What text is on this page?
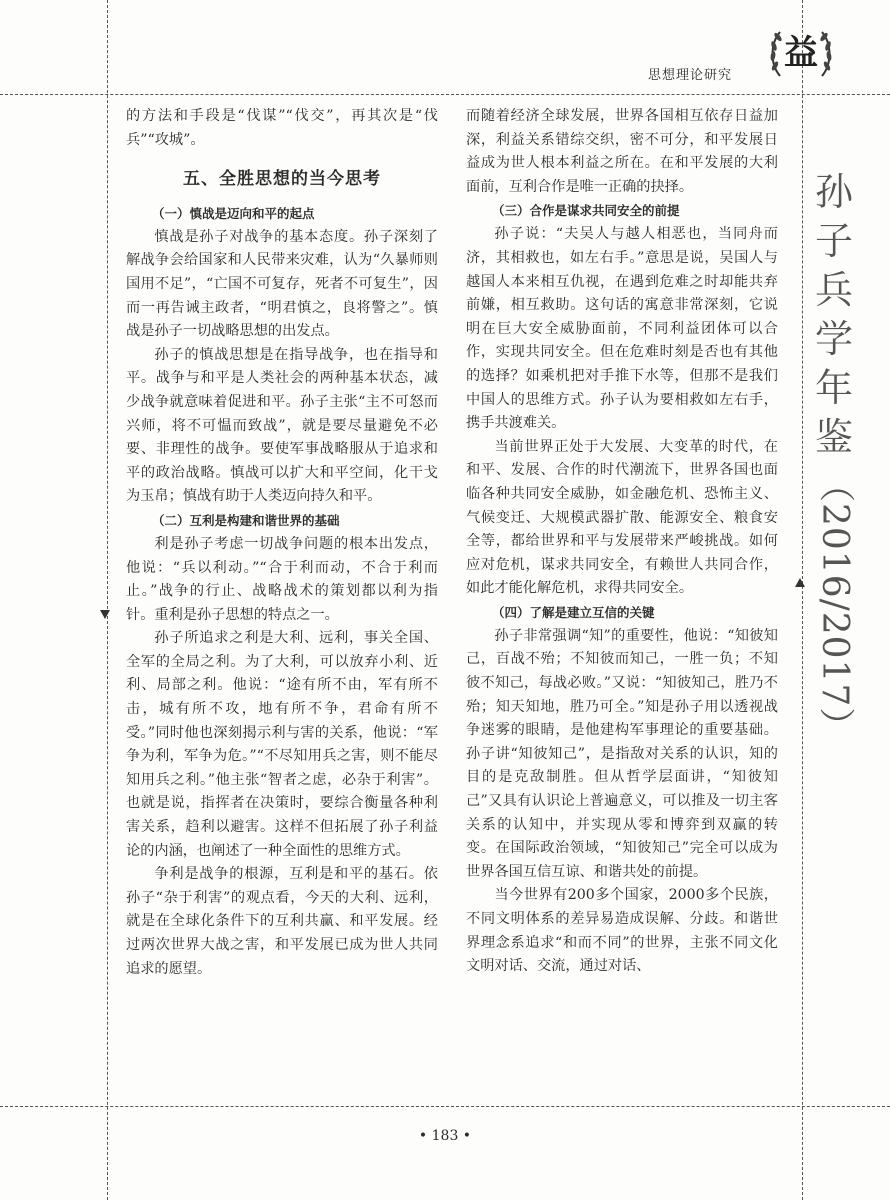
思想理论研究
益

的方法和手段是“伐谋”“伐交”，再其次是“伐兵”“攻城”。

五、全胜思想的当今思考
（一）慎战是迈向和平的起点

慎战是孙子对战争的基本态度。孙子深刻了解战争会给国家和人民带来灾难，认为“久暴师则国用不足”，“亡国不可复存，死者不可复生”，因而一再告诫主政者，“明君慎之，良将警之”。慎战是孙子一切战略思想的出发点。

孙子的慎战思想是在指导战争，也在指导和平。战争与和平是人类社会的两种基本状态，减少战争就意味着促进和平。孙子主张“主不可怒而兴师，将不可愠而致战”，就是要尽量避免不必要、非理性的战争。要使军事战略服从于追求和平的政治战略。慎战可以扩大和平空间，化干戈为玉帛；慎战有助于人类迈向持久和平。

（二）互利是构建和谐世界的基础

利是孙子考虑一切战争问题的根本出发点，他说：“兵以利动。”“合于利而动，不合于利而止。”战争的行止、战略战术的策划都以利为指针。重利是孙子思想的特点之一。

孙子所追求之利是大利、远利，事关全国、全军的全局之利。为了大利，可以放弃小利、近利、局部之利。他说：“途有所不由，军有所不击，城有所不攻，地有所不争，君命有所不受。”同时他也深刻揭示利与害的关系，他说：“军争为利，军争为危。”“不尽知用兵之害，则不能尽知用兵之利。”他主张“智者之虑，必杂于利害”。也就是说，指挥者在决策时，要综合衡量各种利害关系，趋利以避害。这样不但拓展了孙子利益论的内涵，也阐述了一种全面性的思维方式。

争利是战争的根源，互利是和平的基石。依孙子“杂于利害”的观点看，今天的大利、远利，就是在全球化条件下的互利共赢、和平发展。经过两次世界大战之害，和平发展已成为世人共同追求的愿望。

而随着经济全球发展，世界各国相互依存日益加深，利益关系错综交织，密不可分，和平发展日益成为世人根本利益之所在。在和平发展的大利面前，互利合作是唯一正确的抉择。

（三）合作是谋求共同安全的前提

孙子说：“夫吴人与越人相恶也，当同舟而济，其相救也，如左右手。”意思是说，吴国人与越国人本来相互仇视，在遇到危难之时却能共弃前嫌，相互救助。这句话的寓意非常深刻，它说明在巨大安全威胁面前，不同利益团体可以合作，实现共同安全。但在危难时刻是否也有其他的选择？如乘机把对手推下水等，但那不是我们中国人的思维方式。孙子认为要相救如左右手，携手共渡难关。

当前世界正处于大发展、大变革的时代，在和平、发展、合作的时代潮流下，世界各国也面临各种共同安全威胁，如金融危机、恐怖主义、气候变迁、大规模武器扩散、能源安全、粮食安全等，都给世界和平与发展带来严峻挑战。如何应对危机，谋求共同安全，有赖世人共同合作，如此才能化解危机，求得共同安全。

（四）了解是建立互信的关键

孙子非常强调“知”的重要性，他说：“知彼知己，百战不殆；不知彼而知己，一胜一负；不知彼不知己，每战必败。”又说：“知彼知己，胜乃不殆；知天知地，胜乃可全。”知是孙子用以透视战争迷雾的眼睛，是他建构军事理论的重要基础。孙子讲“知彼知己”，是指敌对关系的认识，知的目的是克敌制胜。但从哲学层面讲，“知彼知己”又具有认识论上普遍意义，可以推及一切主客关系的认知中，并实现从零和博弈到双赢的转变。在国际政治领域，“知彼知己”完全可以成为世界各国互信互谅、和谐共处的前提。

当今世界有200多个国家，2000多个民族，不同文明体系的差异易造成误解、分歧。和谐世界理念系追求“和而不同”的世界，主张不同文化文明对话、交流，通过对话、

孙
子
兵
学
年
鉴
（2016/2017）
• 183 •
